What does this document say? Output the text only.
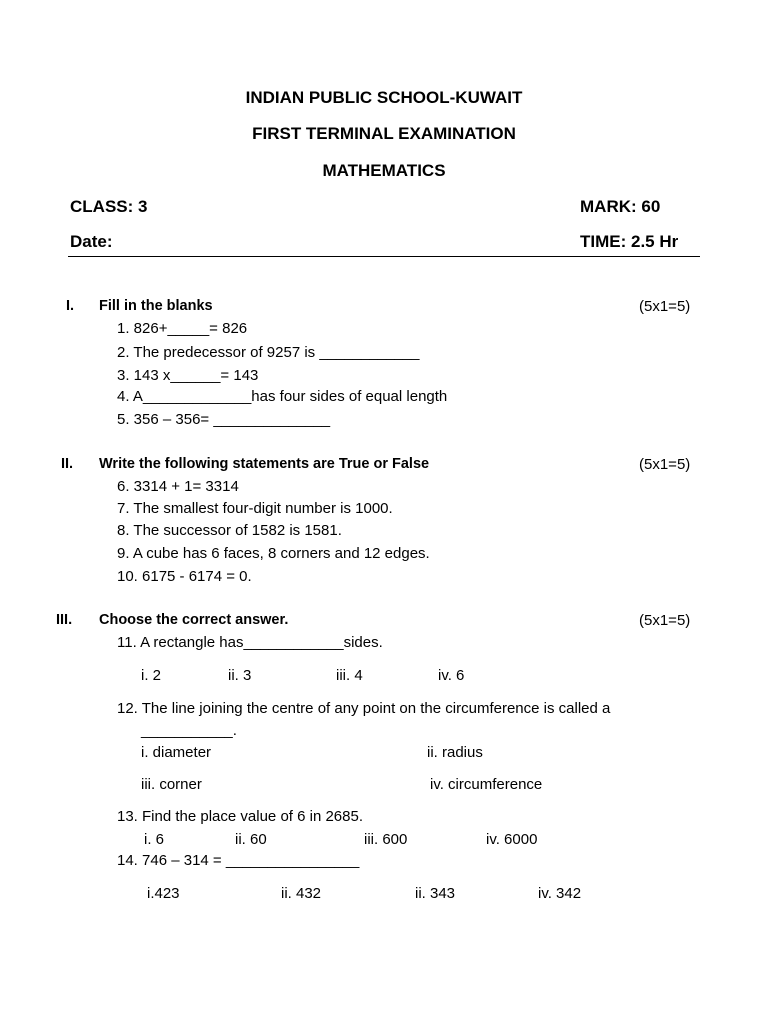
INDIAN PUBLIC SCHOOL-KUWAIT
FIRST TERMINAL EXAMINATION
MATHEMATICS
CLASS: 3	MARK: 60
Date:	TIME: 2.5 Hr
I. Fill in the blanks	(5x1=5)
1. 826+_____= 826
2. The predecessor of 9257 is ____________
3. 143 x______= 143
4. A_____________has four sides of equal length
5. 356 – 356= ______________
II. Write the following statements are True or False	(5x1=5)
6. 3314 + 1= 3314
7. The smallest four-digit number is 1000.
8. The successor of 1582 is 1581.
9. A cube has 6 faces, 8 corners and 12 edges.
10. 6175 - 6174 = 0.
III. Choose the correct answer.	(5x1=5)
11. A rectangle has____________sides.
i. 2	ii. 3	iii. 4	iv. 6
12. The line joining the centre of any point on the circumference is called a
___________.
i. diameter	ii. radius
iii. corner	iv. circumference
13. Find the place value of 6 in 2685.
i. 6	ii. 60	iii. 600	iv. 6000
14. 746 – 314 = ________________
i.423	ii. 432	ii. 343	iv. 342
